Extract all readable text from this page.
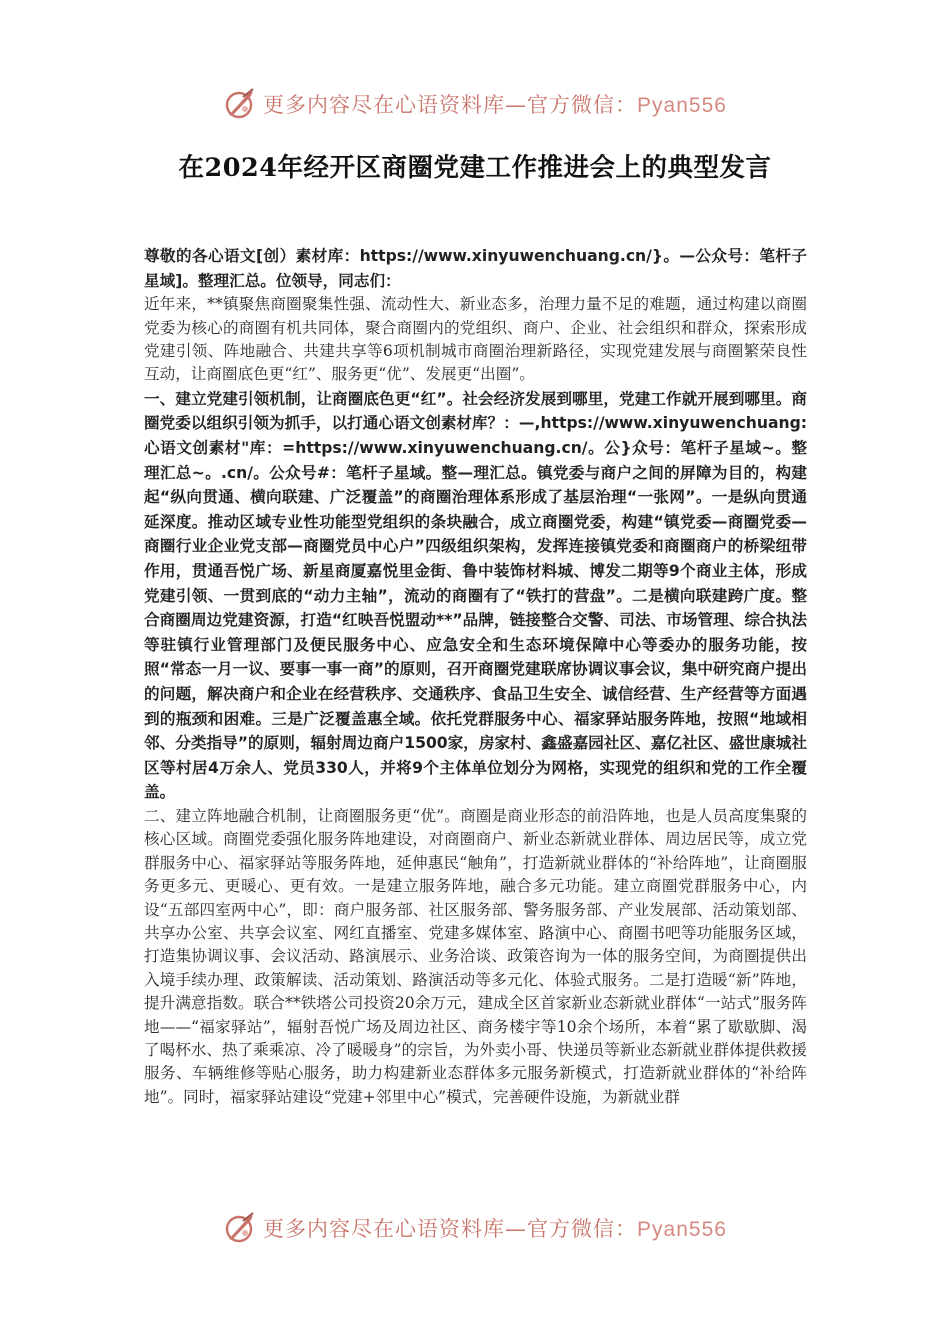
更多内容尽在心语资料库—官方微信：Pyan556
在2024年经开区商圈党建工作推进会上的典型发言

尊敬的各心语文[创）素材库：https://www.xinyuwenchuang.cn/}。—公众号：笔杆子星域]。整理汇总。位领导，同志们：

近年来，**镇聚焦商圈聚集性强、流动性大、新业态多，治理力量不足的难题，通过构建以商圈党委为核心的商圈有机共同体，聚合商圈内的党组织、商户、企业、社会组织和群众，探索形成党建引领、阵地融合、共建共享等6项机制城市商圈治理新路径，实现党建发展与商圈繁荣良性互动，让商圈底色更“红”、服务更“优”、发展更“出圈”。

一、建立党建引领机制，让商圈底色更“红”。社会经济发展到哪里，党建工作就开展到哪里。商圈党委以组织引领为抓手，以打通心语文创素材库？：—,https://www.xinyuwenchuang:心语文创素材"库：=https://www.xinyuwenchuang.cn/。公}众号：笔杆子星域~。整理汇总~。.cn/。公众号#：笔杆子星域。整—理汇总。镇党委与商户之间的屏障为目的，构建起“纵向贯通、横向联建、广泛覆盖”的商圈治理体系形成了基层治理“一张网”。一是纵向贯通延深度。推动区域专业性功能型党组织的条块融合，成立商圈党委，构建“镇党委—商圈党委—商圈行业企业党支部—商圈党员中心户”四级组织架构，发挥连接镇党委和商圈商户的桥梁纽带作用，贯通吾悦广场、新星商厦嘉悦里金街、鲁中装饰材料城、博发二期等9个商业主体，形成党建引领、一贯到底的“动力主轴”，流动的商圈有了“铁打的营盘”。二是横向联建跨广度。整合商圈周边党建资源，打造“红映吾悦盟动**”品牌，链接整合交警、司法、市场管理、综合执法等驻镇行业管理部门及便民服务中心、应急安全和生态环境保障中心等委办的服务功能，按照“常态一月一议、要事一事一商”的原则，召开商圈党建联席协调议事会议，集中研究商户提出的问题，解决商户和企业在经营秩序、交通秩序、食品卫生安全、诚信经营、生产经营等方面遇到的瓶颈和困难。三是广泛覆盖惠全域。依托党群服务中心、福家驿站服务阵地，按照“地域相邻、分类指导”的原则，辐射周边商户1500家，房家村、鑫盛嘉园社区、嘉亿社区、盛世康城社区等村居4万余人、党员330人，并将9个主体单位划分为网格，实现党的组织和党的工作全覆盖。

二、建立阵地融合机制，让商圈服务更“优”。商圈是商业形态的前沿阵地，也是人员高度集聚的核心区域。商圈党委强化服务阵地建设，对商圈商户、新业态新就业群体、周边居民等，成立党群服务中心、福家驿站等服务阵地，延伸惠民“触角”，打造新就业群体的“补给阵地”，让商圈服务更多元、更暖心、更有效。一是建立服务阵地，融合多元功能。建立商圈党群服务中心，内设“五部四室两中心”，即：商户服务部、社区服务部、警务服务部、产业发展部、活动策划部、共享办公室、共享会议室、网红直播室、党建多媒体室、路演中心、商圈书吧等功能服务区域，打造集协调议事、会议活动、路演展示、业务洽谈、政策咨询为一体的服务空间，为商圈提供出入境手续办理、政策解读、活动策划、路演活动等多元化、体验式服务。二是打造暖“新”阵地，提升满意指数。联合**铁塔公司投资20余万元，建成全区首家新业态新就业群体“一站式”服务阵地——“福家驿站”，辐射吾悦广场及周边社区、商务楼宇等10余个场所，本着“累了歇歇脚、渴了喝杯水、热了乘乘凉、冷了暖暖身”的宗旨，为外卖小哥、快递员等新业态新就业群体提供救援服务、车辆维修等贴心服务，助力构建新业态群体多元服务新模式，打造新就业群体的“补给阵地”。同时，福家驿站建设“党建+邻里中心”模式，完善硬件设施，为新就业群

更多内容尽在心语资料库—官方微信：Pyan556
